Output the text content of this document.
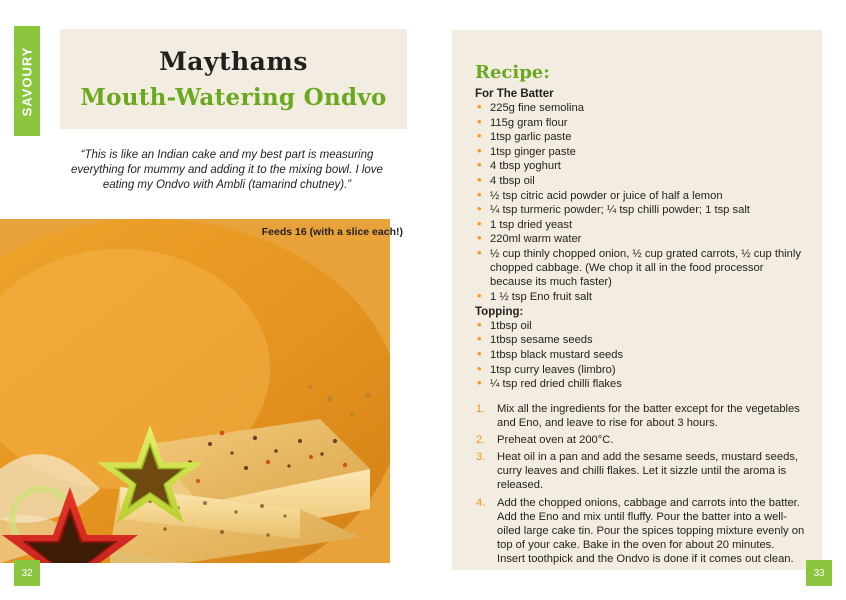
SAVOURY	Maythams
Mouth-Watering Ondvo
“This is like an Indian cake and my best part is measuring everything for mummy and adding it to the mixing bowl. I love eating my Ondvo with Ambli (tamarind chutney).”
Feeds 16 (with a slice each!)
32
Recipe:
For The Batter
• 225g fine semolina
• 115g gram flour
• 1tsp garlic paste
• 1tsp ginger paste
• 4 tbsp yoghurt
• 4 tbsp oil
• ½ tsp citric acid powder or juice of half a lemon
• ¼ tsp turmeric powder; ¼ tsp chilli powder; 1 tsp salt
• 1 tsp dried yeast
• 220ml warm water
• ½ cup thinly chopped onion, ½ cup grated carrots, ½ cup thinly chopped cabbage. (We chop it all in the food processor because its much faster)
• 1 ½ tsp Eno fruit salt
Topping:
• 1tbsp oil
• 1tbsp sesame seeds
• 1tbsp black mustard seeds
• 1tsp curry leaves (limbro)
• ¼ tsp red dried chilli flakes
Mix all the ingredients for the batter except for the vegetables and Eno, and leave to rise for about 3 hours.
Preheat oven at 200°C.
Heat oil in a pan and add the sesame seeds, mustard seeds, curry leaves and chilli flakes. Let it sizzle until the aroma is released.
Add the chopped onions, cabbage and carrots into the batter. Add the Eno and mix until fluffy. Pour the batter into a well-oiled large cake tin. Pour the spices topping mixture evenly on top of your cake. Bake in the oven for about 20 minutes. Insert toothpick and the Ondvo is done if it comes out clean.
33
